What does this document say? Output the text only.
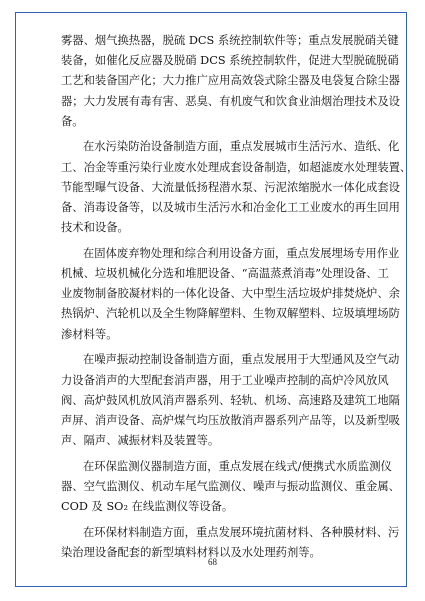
雾器、烟气换热器，脱硫 DCS 系统控制软件等；重点发展脱硝关键
装备，如催化反应器及脱硝 DCS 系统控制软件，促进大型脱硫脱硝
工艺和装备国产化；大力推广应用高效袋式除尘器及电袋复合除尘器
器；大力发展有毒有害、恶臭、有机废气和饮食业油烟治理技术及设
备。
在水污染防治设备制造方面，重点发展城市生活污水、造纸、化
工、冶金等重污染行业废水处理成套设备制造，如超滤废水处理装置、
节能型曝气设备、大流量低扬程潜水泵、污泥浓缩脱水一体化成套设
备、消毒设备等，以及城市生活污水和冶金化工工业废水的再生回用
技术和设备。
在固体废弃物处理和综合利用设备方面，重点发展埋场专用作业
机械、垃圾机械化分选和堆肥设备、“高温蒸煮消毒”处理设备、工
业废物制备胶凝材料的一体化设备、大中型生活垃圾炉排焚烧炉、余
热锅炉、汽轮机以及全生物降解塑料、生物双解塑料、垃圾填埋场防
渗材料等。
在噪声振动控制设备制造方面，重点发展用于大型通风及空气动
力设备消声的大型配套消声器，用于工业噪声控制的高炉冷风放风
阀、高炉鼓风机放风消声器系列、轻轨、机场、高速路及建筑工地隔
声屏、消声设备、高炉煤气均压放散消声器系列产品等，以及新型吸
声、隔声、减振材料及装置等。
在环保监测仪器制造方面，重点发展在线式/便携式水质监测仪
器、空气监测仪、机动车尾气监测仪、噪声与振动监测仪、重金属、
COD 及 SO₂ 在线监测仪等设备。
在环保材料制造方面，重点发展环境抗菌材料、各种膜材料、污
染治理设备配套的新型填料材料以及水处理药剂等。
68
